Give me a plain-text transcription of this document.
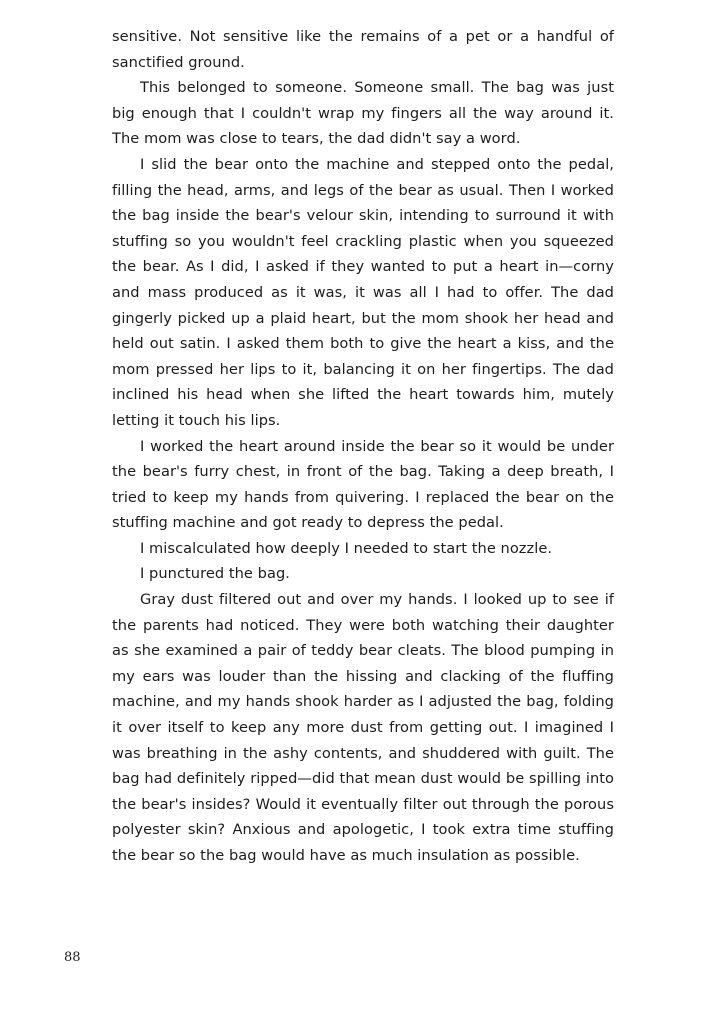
sensitive. Not sensitive like the remains of a pet or a handful of sanctified ground.

This belonged to someone. Someone small. The bag was just big enough that I couldn't wrap my fingers all the way around it. The mom was close to tears, the dad didn't say a word.

I slid the bear onto the machine and stepped onto the pedal, filling the head, arms, and legs of the bear as usual. Then I worked the bag inside the bear's velour skin, intending to surround it with stuffing so you wouldn't feel crackling plastic when you squeezed the bear. As I did, I asked if they wanted to put a heart in—corny and mass produced as it was, it was all I had to offer. The dad gingerly picked up a plaid heart, but the mom shook her head and held out satin. I asked them both to give the heart a kiss, and the mom pressed her lips to it, balancing it on her fingertips. The dad inclined his head when she lifted the heart towards him, mutely letting it touch his lips.

I worked the heart around inside the bear so it would be under the bear's furry chest, in front of the bag. Taking a deep breath, I tried to keep my hands from quivering. I replaced the bear on the stuffing machine and got ready to depress the pedal.

I miscalculated how deeply I needed to start the nozzle.

I punctured the bag.

Gray dust filtered out and over my hands. I looked up to see if the parents had noticed. They were both watching their daughter as she examined a pair of teddy bear cleats. The blood pumping in my ears was louder than the hissing and clacking of the fluffing machine, and my hands shook harder as I adjusted the bag, folding it over itself to keep any more dust from getting out. I imagined I was breathing in the ashy contents, and shuddered with guilt. The bag had definitely ripped—did that mean dust would be spilling into the bear's insides? Would it eventually filter out through the porous polyester skin? Anxious and apologetic, I took extra time stuffing the bear so the bag would have as much insulation as possible.

88
